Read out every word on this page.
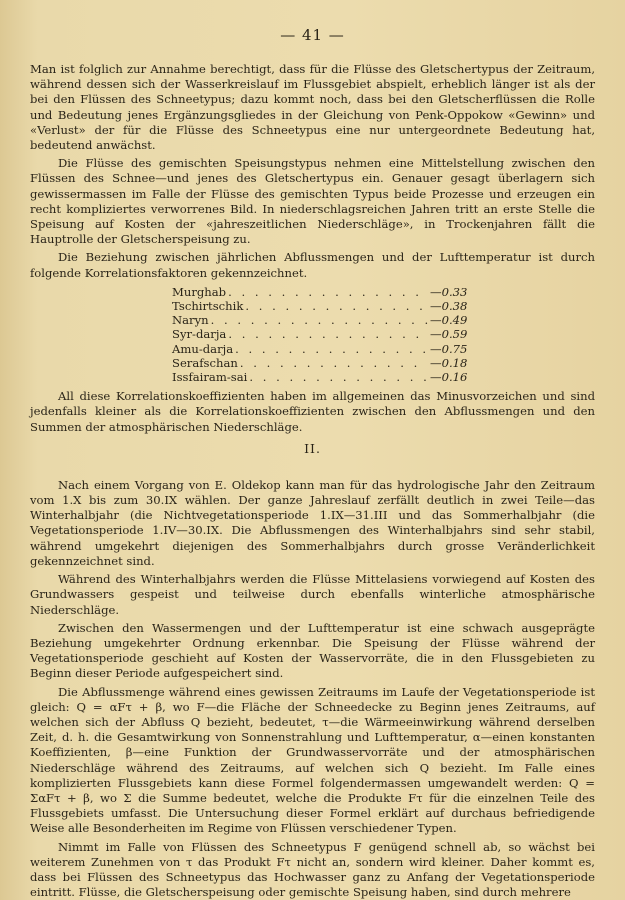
— 41 —

Man ist folglich zur Annahme berechtigt, dass für die Flüsse des Gletschertypus der Zeitraum, während dessen sich der Wasserkreislauf im Flussgebiet abspielt, erheblich länger ist als der bei den Flüssen des Schneetypus; dazu kommt noch, dass bei den Gletscherflüssen die Rolle und Bedeutung jenes Ergänzungsgliedes in der Gleichung von Penk-Oppokow «Gewinn» und «Verlust» der für die Flüsse des Schneetypus eine nur untergeordnete Bedeutung hat, bedeutend anwächst.

Die Flüsse des gemischten Speisungstypus nehmen eine Mittelstellung zwischen den Flüssen des Schnee—und jenes des Gletschertypus ein. Genauer gesagt überlagern sich gewissermassen im Falle der Flüsse des gemischten Typus beide Prozesse und erzeugen ein recht kompliziertes verworrenes Bild. In niederschlagsreichen Jahren tritt an erste Stelle die Speisung auf Kosten der «jahreszeitlichen Niederschläge», in Trockenjahren fällt die Hauptrolle der Gletscherspeisung zu.

Die Beziehung zwischen jährlichen Abflussmengen und der Lufttemperatur ist durch folgende Korrelationsfaktoren gekennzeichnet.

Murghab . . .	—0.33
Tschirtschik . . .	—0.38
Naryn . . .	—0.49
Syr-darja . . .	—0.59
Amu-darja . . .	—0.75
Serafschan . . .	—0.18
Issfairam-sai . . .	—0.16

All diese Korrelationskoeffizienten haben im allgemeinen das Minusvorzeichen und sind jedenfalls kleiner als die Korrelationskoeffizienten zwischen den Abflussmengen und den Summen der atmosphärischen Niederschläge.

II.

Nach einem Vorgang von E. Oldekop kann man für das hydrologische Jahr den Zeitraum vom 1.X bis zum 30.IX wählen. Der ganze Jahreslauf zerfällt deutlich in zwei Teile—das Winterhalbjahr (die Nichtvegetationsperiode 1.IX—31.III und das Sommerhalbjahr (die Vegetationsperiode 1.IV—30.IX. Die Abflussmengen des Winterhalbjahrs sind sehr stabil, während umgekehrt diejenigen des Sommerhalbjahrs durch grosse Veränderlichkeit gekennzeichnet sind.

Während des Winterhalbjahrs werden die Flüsse Mittelasiens vorwiegend auf Kosten des Grundwassers gespeist und teilweise durch ebenfalls winterliche atmosphärische Niederschläge.

Zwischen den Wassermengen und der Lufttemperatur ist eine schwach ausgeprägte Beziehung umgekehrter Ordnung erkennbar. Die Speisung der Flüsse während der Vegetationsperiode geschieht auf Kosten der Wasservorräte, die in den Flussgebieten zu Beginn dieser Periode aufgespeichert sind.

Die Abflussmenge während eines gewissen Zeitraums im Laufe der Vegetationsperiode ist gleich: Q = αFτ + β, wo F—die Fläche der Schneedecke zu Beginn jenes Zeitraums, auf welchen sich der Abfluss Q bezieht, bedeutet, τ—die Wärmeeinwirkung während derselben Zeit, d. h. die Gesamtwirkung von Sonnenstrahlung und Lufttemperatur, α—einen konstanten Koeffizienten, β—eine Funktion der Grundwasservorräte und der atmosphärischen Niederschläge während des Zeitraums, auf welchen sich Q bezieht. Im Falle eines komplizierten Flussgebiets kann diese Formel folgendermassen umgewandelt werden: Q = ΣαFτ + β, wo Σ die Summe bedeutet, welche die Produkte Fτ für die einzelnen Teile des Flussgebiets umfasst. Die Untersuchung dieser Formel erklärt auf durchaus befriedigende Weise alle Besonderheiten im Regime von Flüssen verschiedener Typen.

Nimmt im Falle von Flüssen des Schneetypus F genügend schnell ab, so wächst bei weiterem Zunehmen von τ das Produkt Fτ nicht an, sondern wird kleiner. Daher kommt es, dass bei Flüssen des Schneetypus das Hochwasser ganz zu Anfang der Vegetationsperiode eintritt. Flüsse, die Gletscherspeisung oder gemischte Speisung haben, sind durch mehrere
